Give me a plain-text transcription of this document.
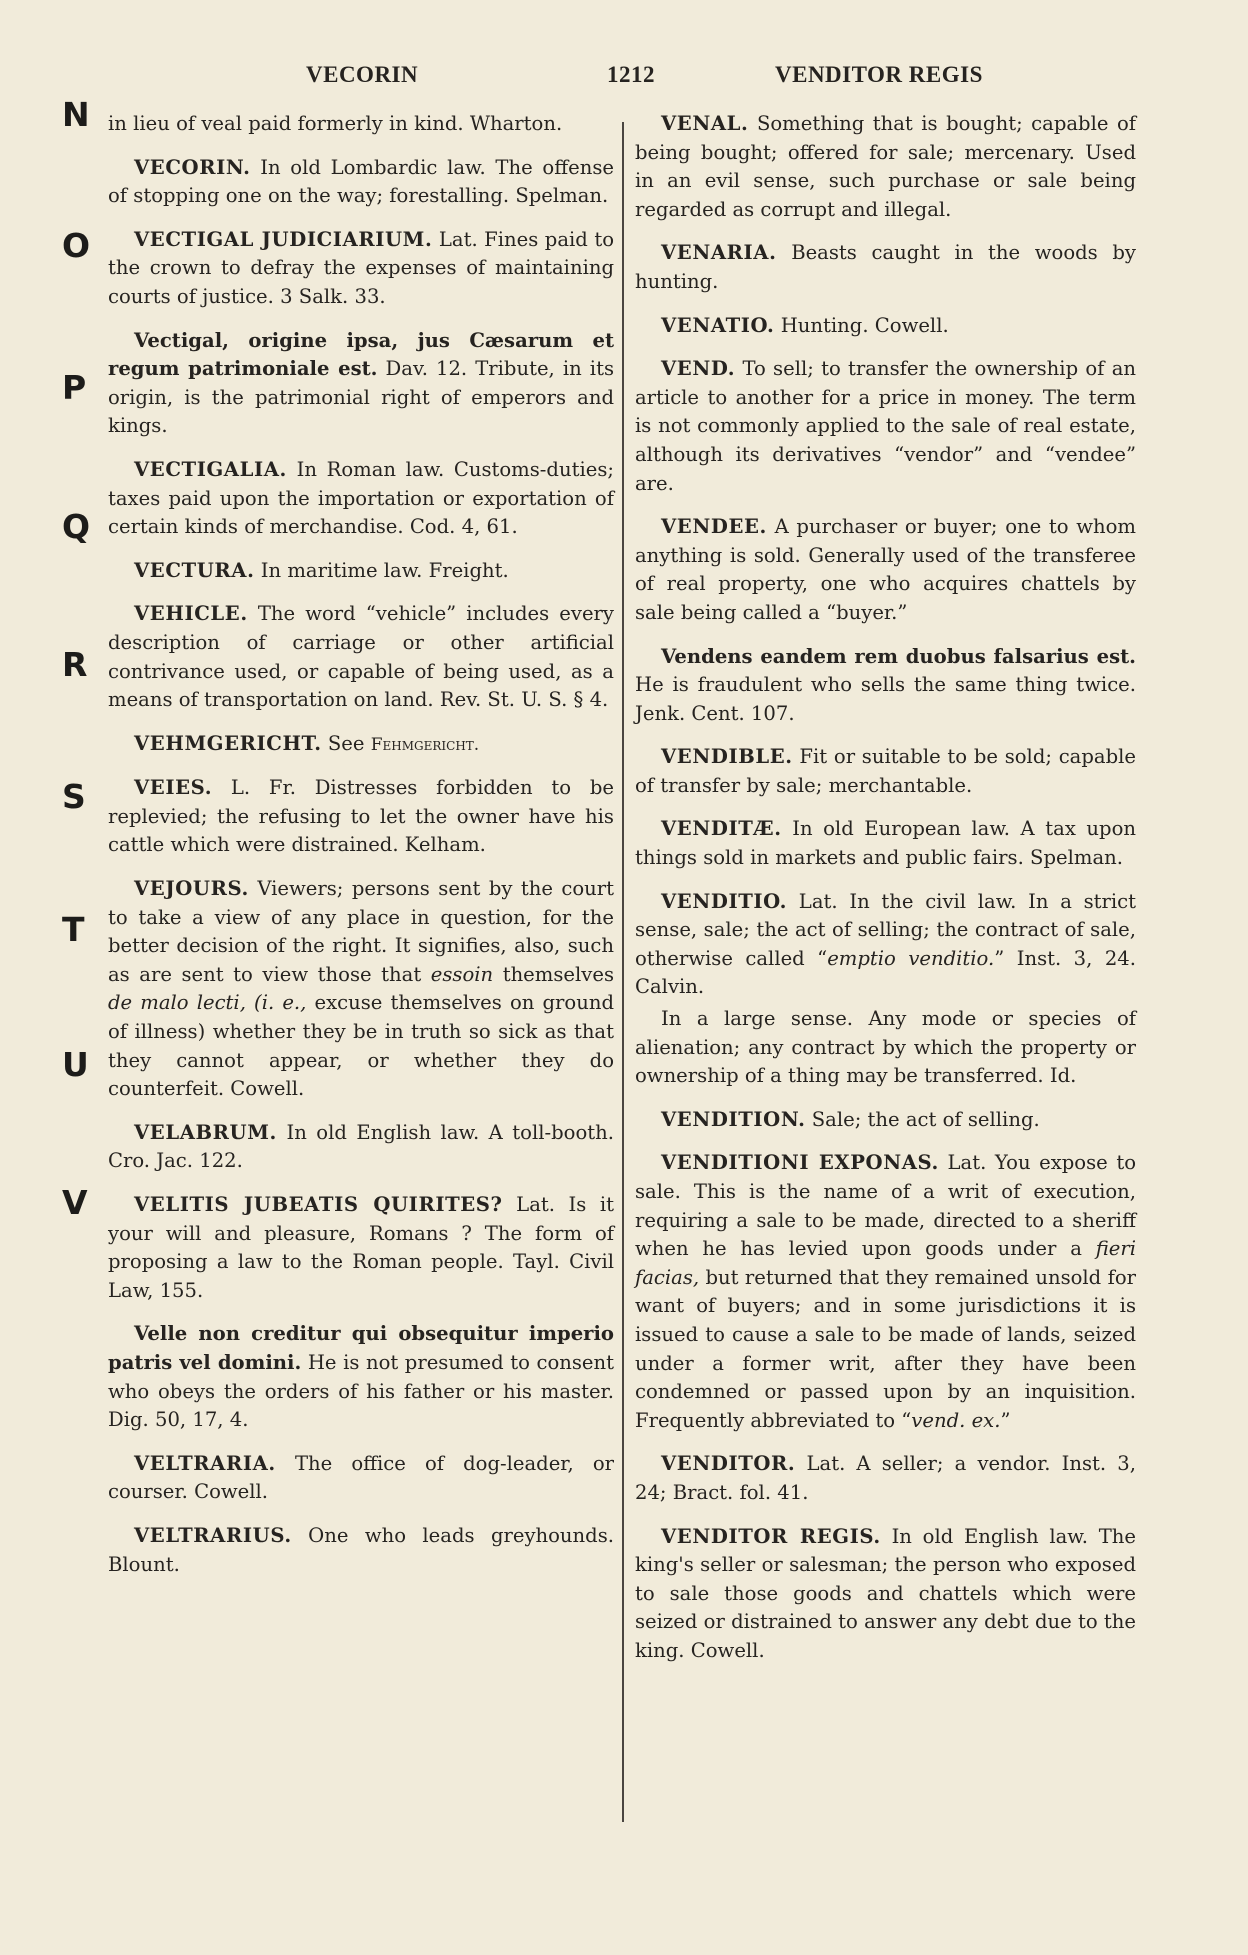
VECORIN	1212	VENDITOR REGIS
N
O
P
Q
R
S
T
U
V

in lieu of veal paid formerly in kind. Wharton.

VECORIN. In old Lombardic law. The offense of stopping one on the way; forestalling. Spelman.

VECTIGAL JUDICIARIUM. Lat. Fines paid to the crown to defray the expenses of maintaining courts of justice. 3 Salk. 33.

Vectigal, origine ipsa, jus Cæsarum et regum patrimoniale est. Dav. 12. Tribute, in its origin, is the patrimonial right of emperors and kings.

VECTIGALIA. In Roman law. Customs-duties; taxes paid upon the importation or exportation of certain kinds of merchandise. Cod. 4, 61.

VECTURA. In maritime law. Freight.

VEHICLE. The word “vehicle” includes every description of carriage or other artificial contrivance used, or capable of being used, as a means of transportation on land. Rev. St. U. S. § 4.

VEHMGERICHT. See Fehmgericht.

VEIES. L. Fr. Distresses forbidden to be replevied; the refusing to let the owner have his cattle which were distrained. Kelham.

VEJOURS. Viewers; persons sent by the court to take a view of any place in question, for the better decision of the right. It signifies, also, such as are sent to view those that essoin themselves de malo lecti, (i. e., excuse themselves on ground of illness) whether they be in truth so sick as that they cannot appear, or whether they do counterfeit. Cowell.

VELABRUM. In old English law. A toll-booth. Cro. Jac. 122.

VELITIS JUBEATIS QUIRITES? Lat. Is it your will and pleasure, Romans ? The form of proposing a law to the Roman people. Tayl. Civil Law, 155.

Velle non creditur qui obsequitur imperio patris vel domini. He is not presumed to consent who obeys the orders of his father or his master. Dig. 50, 17, 4.

VELTRARIA. The office of dog-leader, or courser. Cowell.

VELTRARIUS. One who leads greyhounds. Blount.

VENAL. Something that is bought; capable of being bought; offered for sale; mercenary. Used in an evil sense, such purchase or sale being regarded as corrupt and illegal.

VENARIA. Beasts caught in the woods by hunting.

VENATIO. Hunting. Cowell.

VEND. To sell; to transfer the ownership of an article to another for a price in money. The term is not commonly applied to the sale of real estate, although its derivatives “vendor” and “vendee” are.

VENDEE. A purchaser or buyer; one to whom anything is sold. Generally used of the transferee of real property, one who acquires chattels by sale being called a “buyer.”

Vendens eandem rem duobus falsarius est. He is fraudulent who sells the same thing twice. Jenk. Cent. 107.

VENDIBLE. Fit or suitable to be sold; capable of transfer by sale; merchantable.

VENDITÆ. In old European law. A tax upon things sold in markets and public fairs. Spelman.

VENDITIO. Lat. In the civil law. In a strict sense, sale; the act of selling; the contract of sale, otherwise called “emptio venditio.” Inst. 3, 24. Calvin.

In a large sense. Any mode or species of alienation; any contract by which the property or ownership of a thing may be transferred. Id.

VENDITION. Sale; the act of selling.

VENDITIONI EXPONAS. Lat. You expose to sale. This is the name of a writ of execution, requiring a sale to be made, directed to a sheriff when he has levied upon goods under a fieri facias, but returned that they remained unsold for want of buyers; and in some jurisdictions it is issued to cause a sale to be made of lands, seized under a former writ, after they have been condemned or passed upon by an inquisition. Frequently abbreviated to “vend. ex.”

VENDITOR. Lat. A seller; a vendor. Inst. 3, 24; Bract. fol. 41.

VENDITOR REGIS. In old English law. The king's seller or salesman; the person who exposed to sale those goods and chattels which were seized or distrained to answer any debt due to the king. Cowell.
